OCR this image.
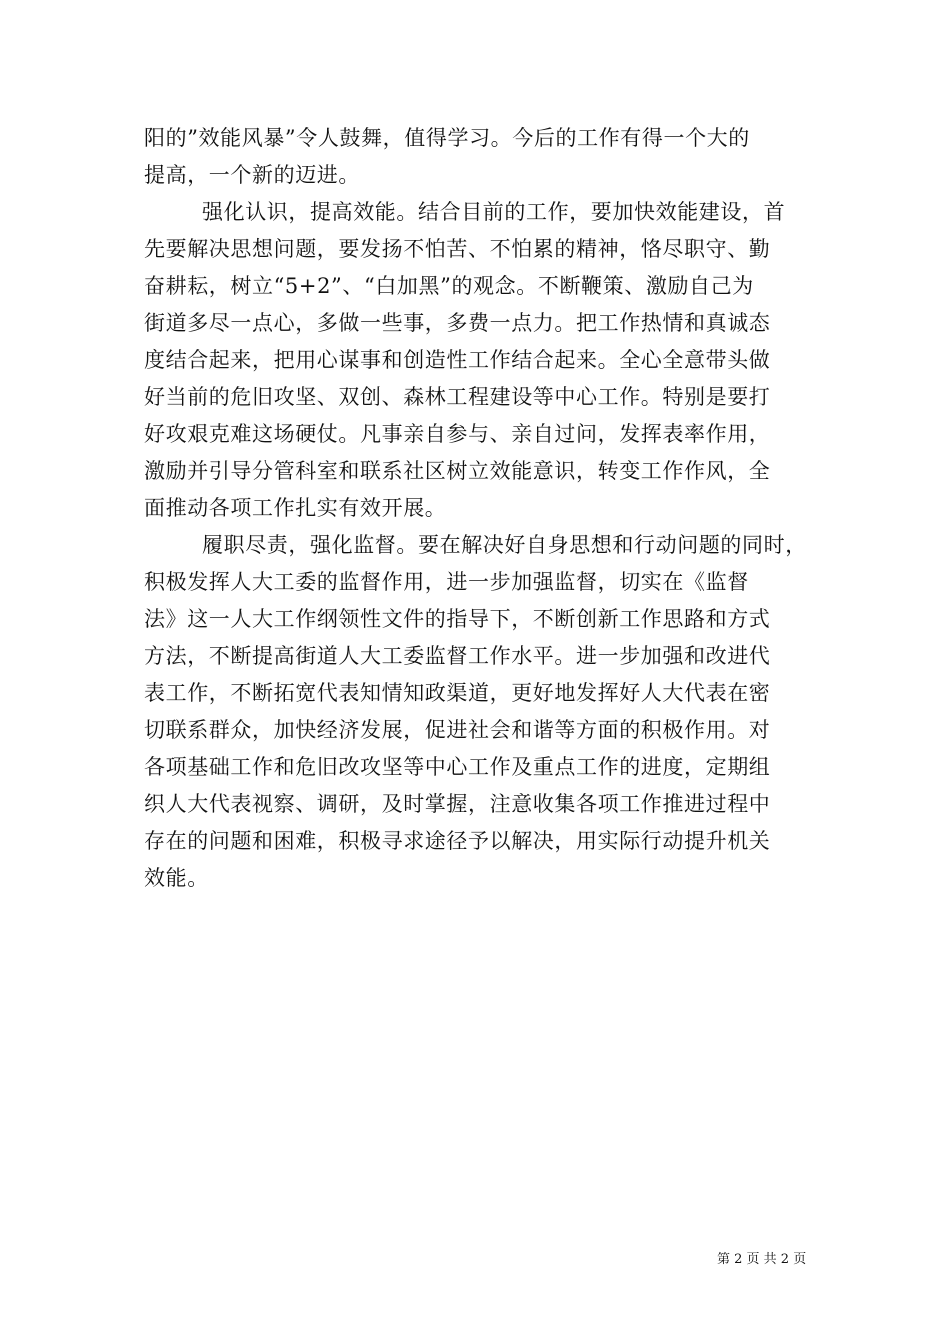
阳的”效能风暴”令人鼓舞，值得学习。今后的工作有得一个大的
提高，一个新的迈进。
强化认识，提高效能。结合目前的工作，要加快效能建设，首
先要解决思想问题，要发扬不怕苦、不怕累的精神，恪尽职守、勤
奋耕耘，树立“5+2”、“白加黑”的观念。不断鞭策、激励自己为
街道多尽一点心，多做一些事，多费一点力。把工作热情和真诚态
度结合起来，把用心谋事和创造性工作结合起来。全心全意带头做
好当前的危旧攻坚、双创、森林工程建设等中心工作。特别是要打
好攻艰克难这场硬仗。凡事亲自参与、亲自过问，发挥表率作用，
激励并引导分管科室和联系社区树立效能意识，转变工作作风，全
面推动各项工作扎实有效开展。
履职尽责，强化监督。要在解决好自身思想和行动问题的同时，
积极发挥人大工委的监督作用，进一步加强监督，切实在《监督
法》这一人大工作纲领性文件的指导下，不断创新工作思路和方式
方法，不断提高街道人大工委监督工作水平。进一步加强和改进代
表工作，不断拓宽代表知情知政渠道，更好地发挥好人大代表在密
切联系群众，加快经济发展，促进社会和谐等方面的积极作用。对
各项基础工作和危旧改攻坚等中心工作及重点工作的进度，定期组
织人大代表视察、调研，及时掌握，注意收集各项工作推进过程中
存在的问题和困难，积极寻求途径予以解决，用实际行动提升机关
效能。
第 2 页 共 2 页
